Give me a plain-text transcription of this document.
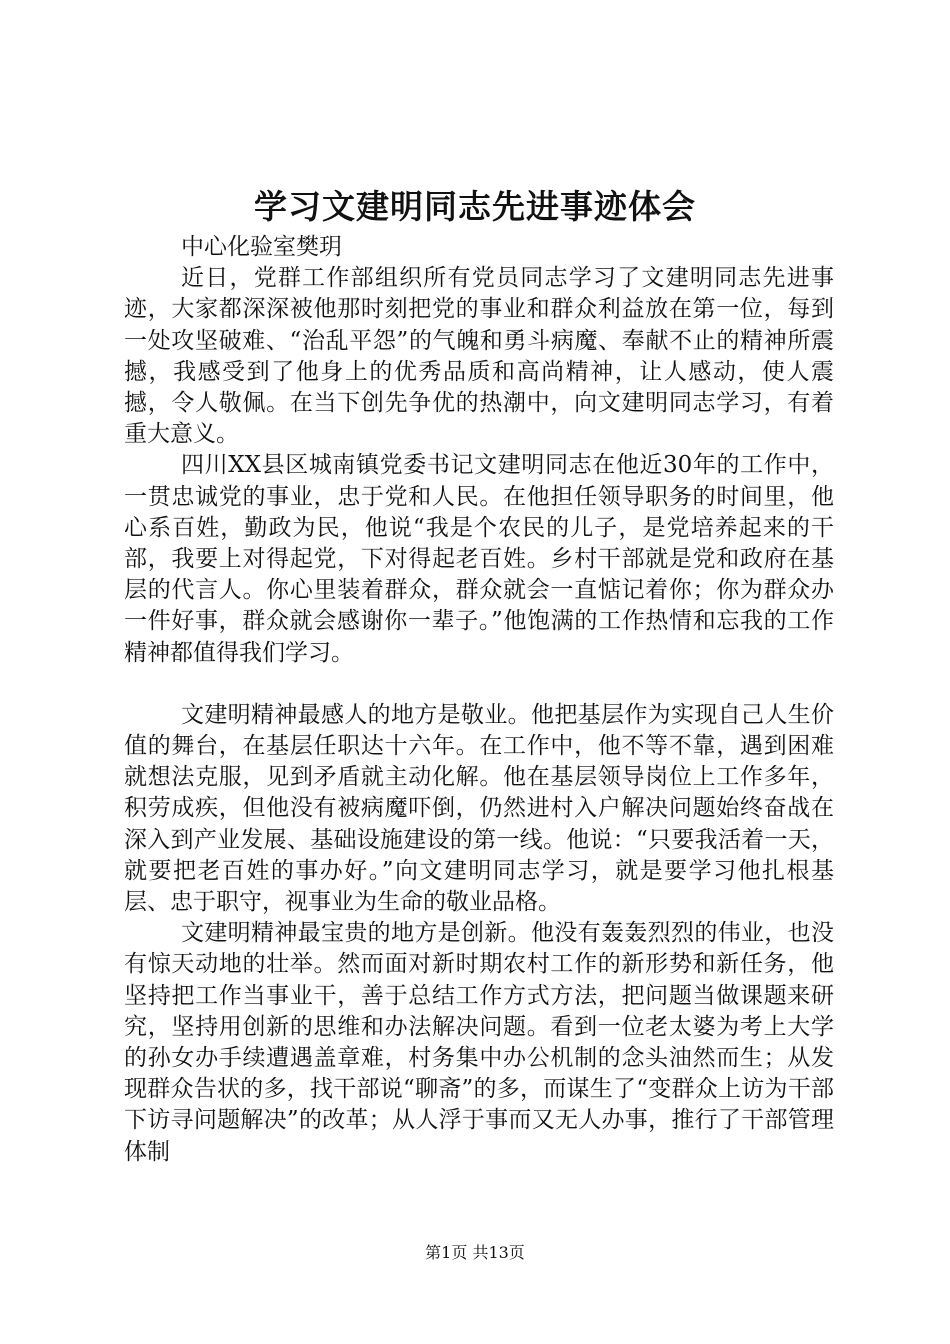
学习文建明同志先进事迹体会

中心化验室樊玥

近日，党群工作部组织所有党员同志学习了文建明同志先进事迹，大家都深深被他那时刻把党的事业和群众利益放在第一位，每到一处攻坚破难、“治乱平怨”的气魄和勇斗病魔、奉献不止的精神所震撼，我感受到了他身上的优秀品质和高尚精神，让人感动，使人震撼，令人敬佩。在当下创先争优的热潮中，向文建明同志学习，有着重大意义。

四川XX县区城南镇党委书记文建明同志在他近30年的工作中，一贯忠诚党的事业，忠于党和人民。在他担任领导职务的时间里，他心系百姓，勤政为民，他说“我是个农民的儿子，是党培养起来的干部，我要上对得起党，下对得起老百姓。乡村干部就是党和政府在基层的代言人。你心里装着群众，群众就会一直惦记着你；你为群众办一件好事，群众就会感谢你一辈子。”他饱满的工作热情和忘我的工作精神都值得我们学习。

文建明精神最感人的地方是敬业。他把基层作为实现自己人生价值的舞台，在基层任职达十六年。在工作中，他不等不靠，遇到困难就想法克服，见到矛盾就主动化解。他在基层领导岗位上工作多年，积劳成疾，但他没有被病魔吓倒，仍然进村入户解决问题始终奋战在深入到产业发展、基础设施建设的第一线。他说：“只要我活着一天，就要把老百姓的事办好。”向文建明同志学习，就是要学习他扎根基层、忠于职守，视事业为生命的敬业品格。

文建明精神最宝贵的地方是创新。他没有轰轰烈烈的伟业，也没有惊天动地的壮举。然而面对新时期农村工作的新形势和新任务，他坚持把工作当事业干，善于总结工作方式方法，把问题当做课题来研究，坚持用创新的思维和办法解决问题。看到一位老太婆为考上大学的孙女办手续遭遇盖章难，村务集中办公机制的念头油然而生；从发现群众告状的多，找干部说“聊斋”的多，而谋生了“变群众上访为干部下访寻问题解决”的改革；从人浮于事而又无人办事，推行了干部管理体制

第1页 共13页
